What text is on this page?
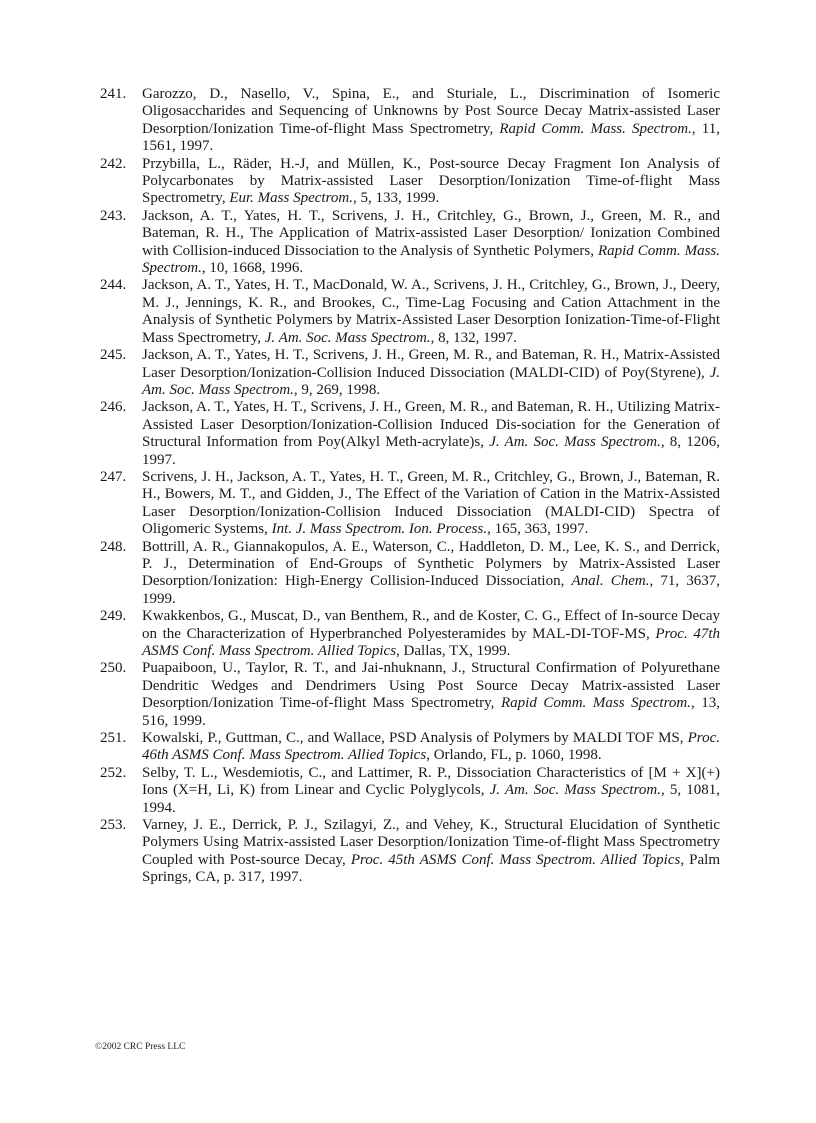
241.	Garozzo, D., Nasello, V., Spina, E., and Sturiale, L., Discrimination of Isomeric Oligosaccharides and Sequencing of Unknowns by Post Source Decay Matrix-assisted Laser Desorption/Ionization Time-of-flight Mass Spectrometry, Rapid Comm. Mass. Spectrom., 11, 1561, 1997.
242.	Przybilla, L., Räder, H.-J, and Müllen, K., Post-source Decay Fragment Ion Analysis of Polycarbonates by Matrix-assisted Laser Desorption/Ionization Time-of-flight Mass Spectrometry, Eur. Mass Spectrom., 5, 133, 1999.
243.	Jackson, A. T., Yates, H. T., Scrivens, J. H., Critchley, G., Brown, J., Green, M. R., and Bateman, R. H., The Application of Matrix-assisted Laser Desorption/ Ionization Combined with Collision-induced Dissociation to the Analysis of Synthetic Polymers, Rapid Comm. Mass. Spectrom., 10, 1668, 1996.
244.	Jackson, A. T., Yates, H. T., MacDonald, W. A., Scrivens, J. H., Critchley, G., Brown, J., Deery, M. J., Jennings, K. R., and Brookes, C., Time-Lag Focusing and Cation Attachment in the Analysis of Synthetic Polymers by Matrix-Assisted Laser Desorption Ionization-Time-of-Flight Mass Spectrometry, J. Am. Soc. Mass Spectrom., 8, 132, 1997.
245.	Jackson, A. T., Yates, H. T., Scrivens, J. H., Green, M. R., and Bateman, R. H., Matrix-Assisted Laser Desorption/Ionization-Collision Induced Dissociation (MALDI-CID) of Poy(Styrene), J. Am. Soc. Mass Spectrom., 9, 269, 1998.
246.	Jackson, A. T., Yates, H. T., Scrivens, J. H., Green, M. R., and Bateman, R. H., Utilizing Matrix-Assisted Laser Desorption/Ionization-Collision Induced Dis-sociation for the Generation of Structural Information from Poy(Alkyl Meth-acrylate)s, J. Am. Soc. Mass Spectrom., 8, 1206, 1997.
247.	Scrivens, J. H., Jackson, A. T., Yates, H. T., Green, M. R., Critchley, G., Brown, J., Bateman, R. H., Bowers, M. T., and Gidden, J., The Effect of the Variation of Cation in the Matrix-Assisted Laser Desorption/Ionization-Collision Induced Dissociation (MALDI-CID) Spectra of Oligomeric Systems, Int. J. Mass Spectrom. Ion. Process., 165, 363, 1997.
248.	Bottrill, A. R., Giannakopulos, A. E., Waterson, C., Haddleton, D. M., Lee, K. S., and Derrick, P. J., Determination of End-Groups of Synthetic Polymers by Matrix-Assisted Laser Desorption/Ionization: High-Energy Collision-Induced Dissociation, Anal. Chem., 71, 3637, 1999.
249.	Kwakkenbos, G., Muscat, D., van Benthem, R., and de Koster, C. G., Effect of In-source Decay on the Characterization of Hyperbranched Polyesteramides by MAL-DI-TOF-MS, Proc. 47th ASMS Conf. Mass Spectrom. Allied Topics, Dallas, TX, 1999.
250.	Puapaiboon, U., Taylor, R. T., and Jai-nhuknann, J., Structural Confirmation of Polyurethane Dendritic Wedges and Dendrimers Using Post Source Decay Matrix-assisted Laser Desorption/Ionization Time-of-flight Mass Spectrometry, Rapid Comm. Mass Spectrom., 13, 516, 1999.
251.	Kowalski, P., Guttman, C., and Wallace, PSD Analysis of Polymers by MALDI TOF MS, Proc. 46th ASMS Conf. Mass Spectrom. Allied Topics, Orlando, FL, p. 1060, 1998.
252.	Selby, T. L., Wesdemiotis, C., and Lattimer, R. P., Dissociation Characteristics of [M + X](+) Ions (X=H, Li, K) from Linear and Cyclic Polyglycols, J. Am. Soc. Mass Spectrom., 5, 1081, 1994.
253.	Varney, J. E., Derrick, P. J., Szilagyi, Z., and Vehey, K., Structural Elucidation of Synthetic Polymers Using Matrix-assisted Laser Desorption/Ionization Time-of-flight Mass Spectrometry Coupled with Post-source Decay, Proc. 45th ASMS Conf. Mass Spectrom. Allied Topics, Palm Springs, CA, p. 317, 1997.
©2002 CRC Press LLC
